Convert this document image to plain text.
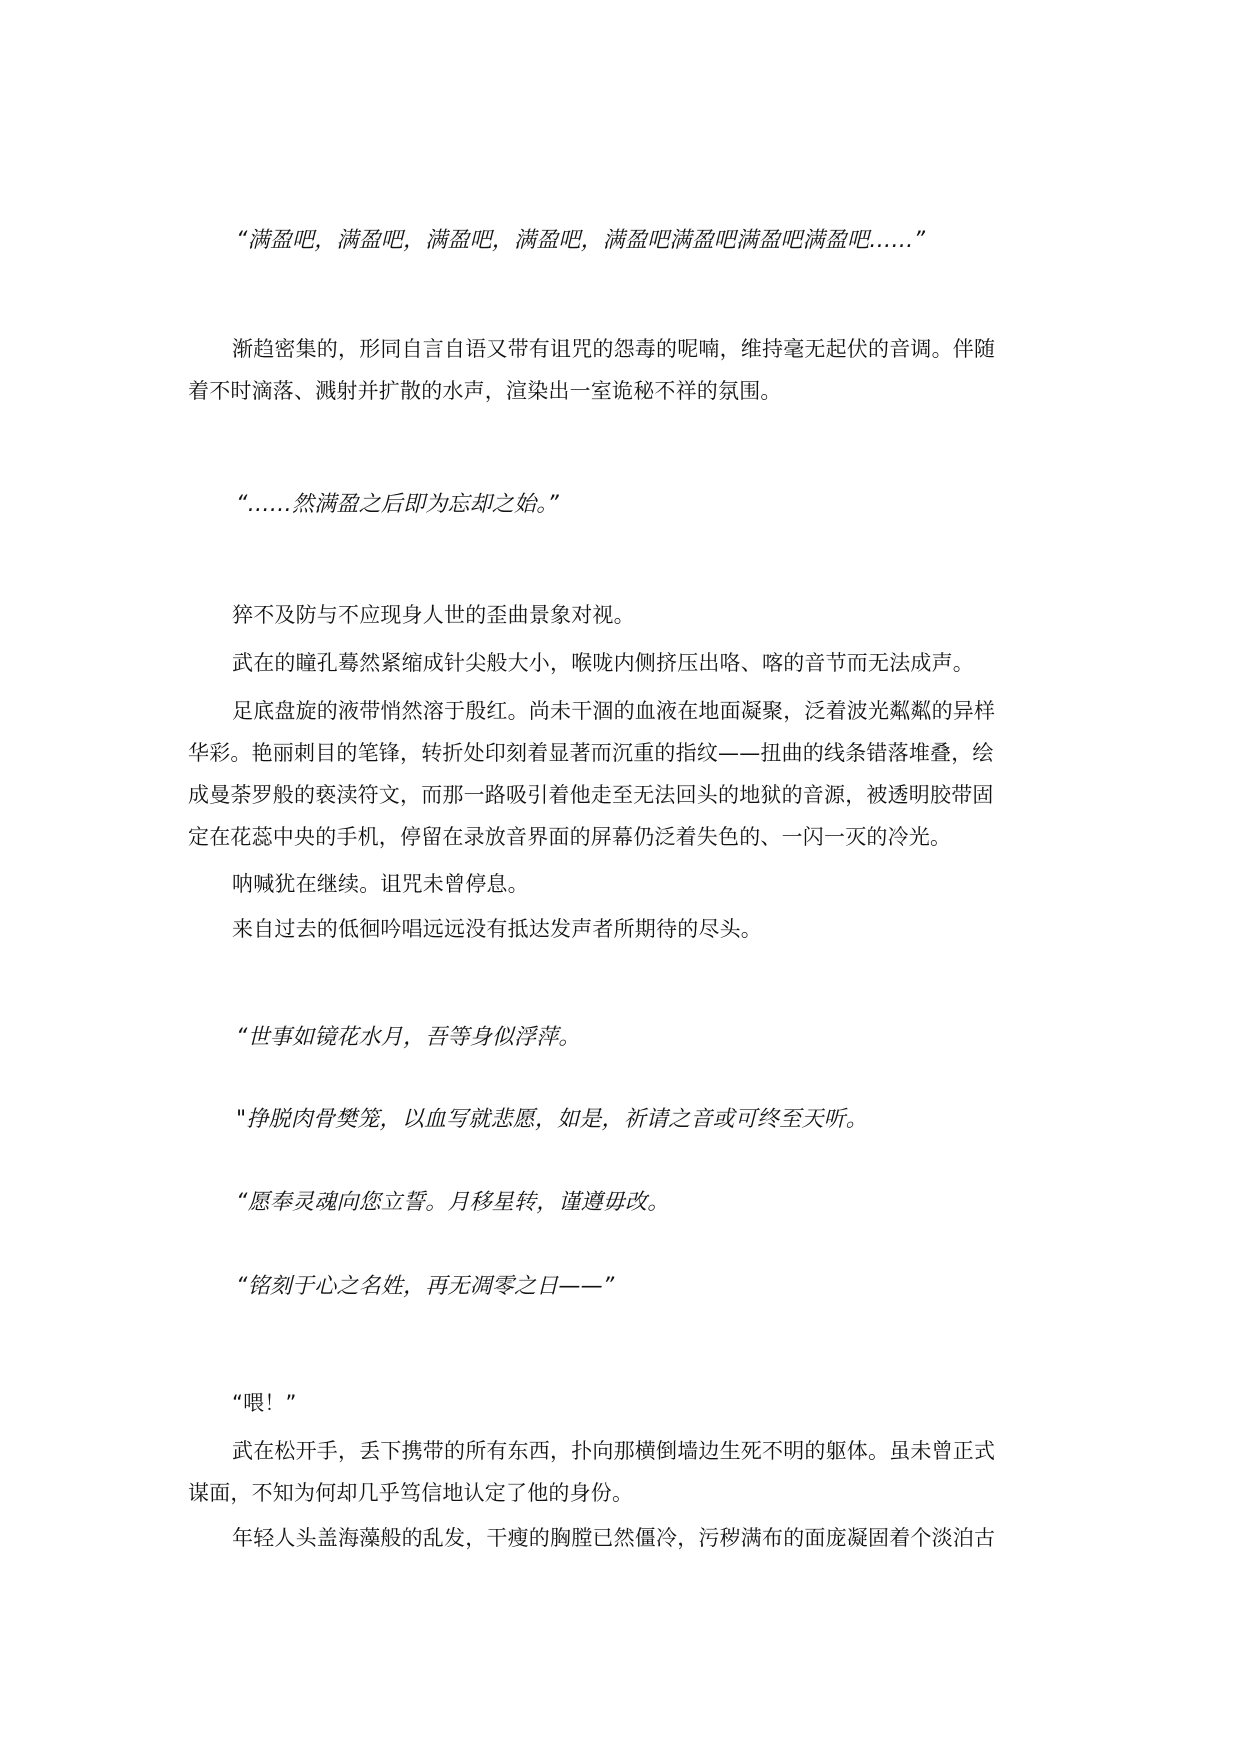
“满盈吧，满盈吧，满盈吧，满盈吧，满盈吧满盈吧满盈吧满盈吧……”
渐趋密集的，形同自言自语又带有诅咒的怨毒的呢喃，维持毫无起伏的音调。伴随
着不时滴落、溅射并扩散的水声，渲染出一室诡秘不祥的氛围。
“……然满盈之后即为忘却之始。”
猝不及防与不应现身人世的歪曲景象对视。
武在的瞳孔蓦然紧缩成针尖般大小，喉咙内侧挤压出咯、喀的音节而无法成声。
足底盘旋的液带悄然溶于殷红。尚未干涸的血液在地面凝聚，泛着波光粼粼的异样
华彩。艳丽刺目的笔锋，转折处印刻着显著而沉重的指纹——扭曲的线条错落堆叠，绘
成曼荼罗般的亵渎符文，而那一路吸引着他走至无法回头的地狱的音源，被透明胶带固
定在花蕊中央的手机，停留在录放音界面的屏幕仍泛着失色的、一闪一灭的冷光。
呐喊犹在继续。诅咒未曾停息。
来自过去的低徊吟唱远远没有抵达发声者所期待的尽头。
“世事如镜花水月，吾等身似浮萍。
"挣脱肉骨樊笼，以血写就悲愿，如是，祈请之音或可终至天听。
“愿奉灵魂向您立誓。月移星转，谨遵毋改。
“铭刻于心之名姓，再无凋零之日——”
“喂！”
武在松开手，丢下携带的所有东西，扑向那横倒墙边生死不明的躯体。虽未曾正式
谋面，不知为何却几乎笃信地认定了他的身份。
年轻人头盖海藻般的乱发，干瘦的胸膛已然僵冷，污秽满布的面庞凝固着个淡泊古
